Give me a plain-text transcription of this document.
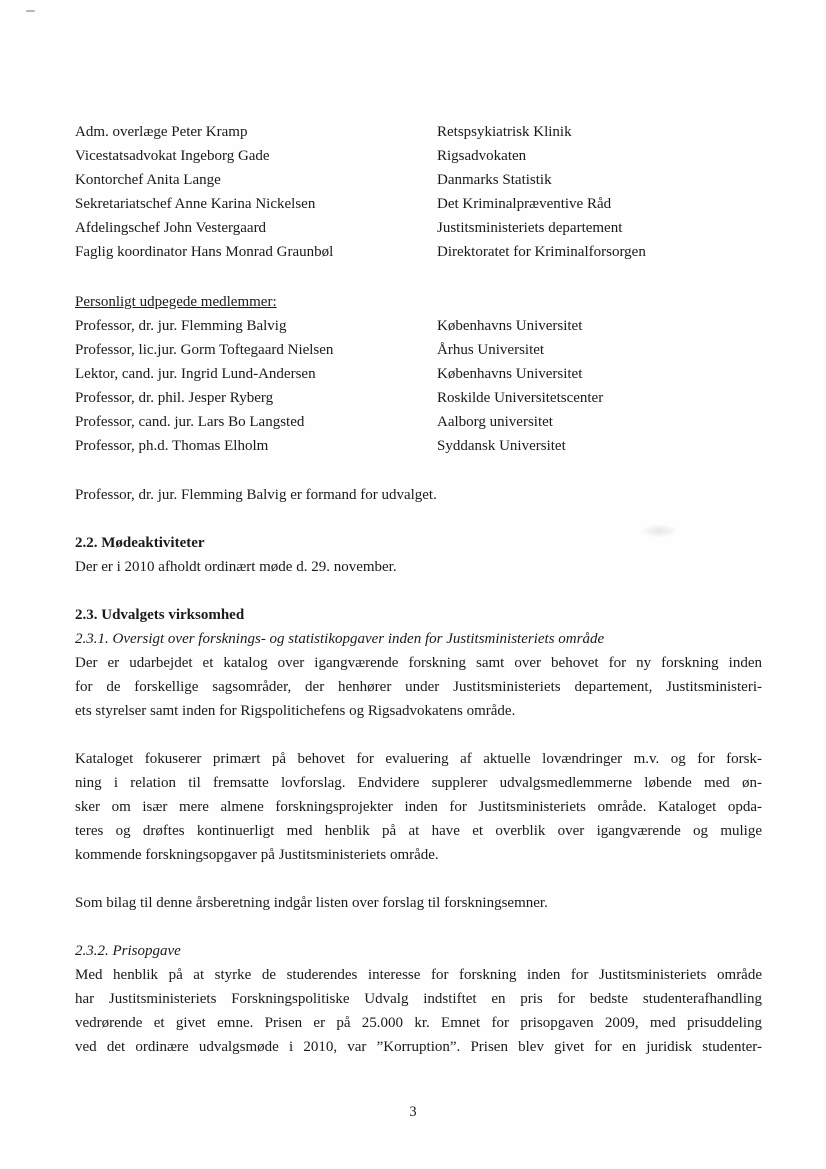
Adm. overlæge Peter Kramp	Retspsykiatrisk Klinik
Vicestatsadvokat Ingeborg Gade	Rigsadvokaten
Kontorchef Anita Lange	Danmarks Statistik
Sekretariatschef Anne Karina Nickelsen	Det Kriminalpræventive Råd
Afdelingschef John Vestergaard	Justitsministeriets departement
Faglig koordinator Hans Monrad Graunbøl	Direktoratet for Kriminalforsorgen
Personligt udpegede medlemmer:
Professor, dr. jur. Flemming Balvig	Københavns Universitet
Professor, lic.jur. Gorm Toftegaard Nielsen	Århus Universitet
Lektor, cand. jur. Ingrid Lund-Andersen	Københavns Universitet
Professor, dr. phil. Jesper Ryberg	Roskilde Universitetscenter
Professor, cand. jur. Lars Bo Langsted	Aalborg universitet
Professor, ph.d. Thomas Elholm	Syddansk Universitet

Professor, dr. jur. Flemming Balvig er formand for udvalget.

2.2. Mødeaktiviteter

Der er i 2010 afholdt ordinært møde d. 29. november.

2.3. Udvalgets virksomhed
2.3.1. Oversigt over forsknings- og statistikopgaver inden for Justitsministeriets område
Der er udarbejdet et katalog over igangværende forskning samt over behovet for ny forskning inden
for de forskellige sagsområder, der henhører under Justitsministeriets departement, Justitsministeri-
ets styrelser samt inden for Rigspolitichefens og Rigsadvokatens område.
Kataloget fokuserer primært på behovet for evaluering af aktuelle lovændringer m.v. og for forsk-
ning i relation til fremsatte lovforslag. Endvidere supplerer udvalgsmedlemmerne løbende med øn-
sker om især mere almene forskningsprojekter inden for Justitsministeriets område. Kataloget opda-
teres og drøftes kontinuerligt med henblik på at have et overblik over igangværende og mulige
kommende forskningsopgaver på Justitsministeriets område.

Som bilag til denne årsberetning indgår listen over forslag til forskningsemner.

2.3.2. Prisopgave
Med henblik på at styrke de studerendes interesse for forskning inden for Justitsministeriets område
har Justitsministeriets Forskningspolitiske Udvalg indstiftet en pris for bedste studenterafhandling
vedrørende et givet emne. Prisen er på 25.000 kr. Emnet for prisopgaven 2009, med prisuddeling
ved det ordinære udvalgsmøde i 2010, var ”Korruption”. Prisen blev givet for en juridisk studenter-
3
